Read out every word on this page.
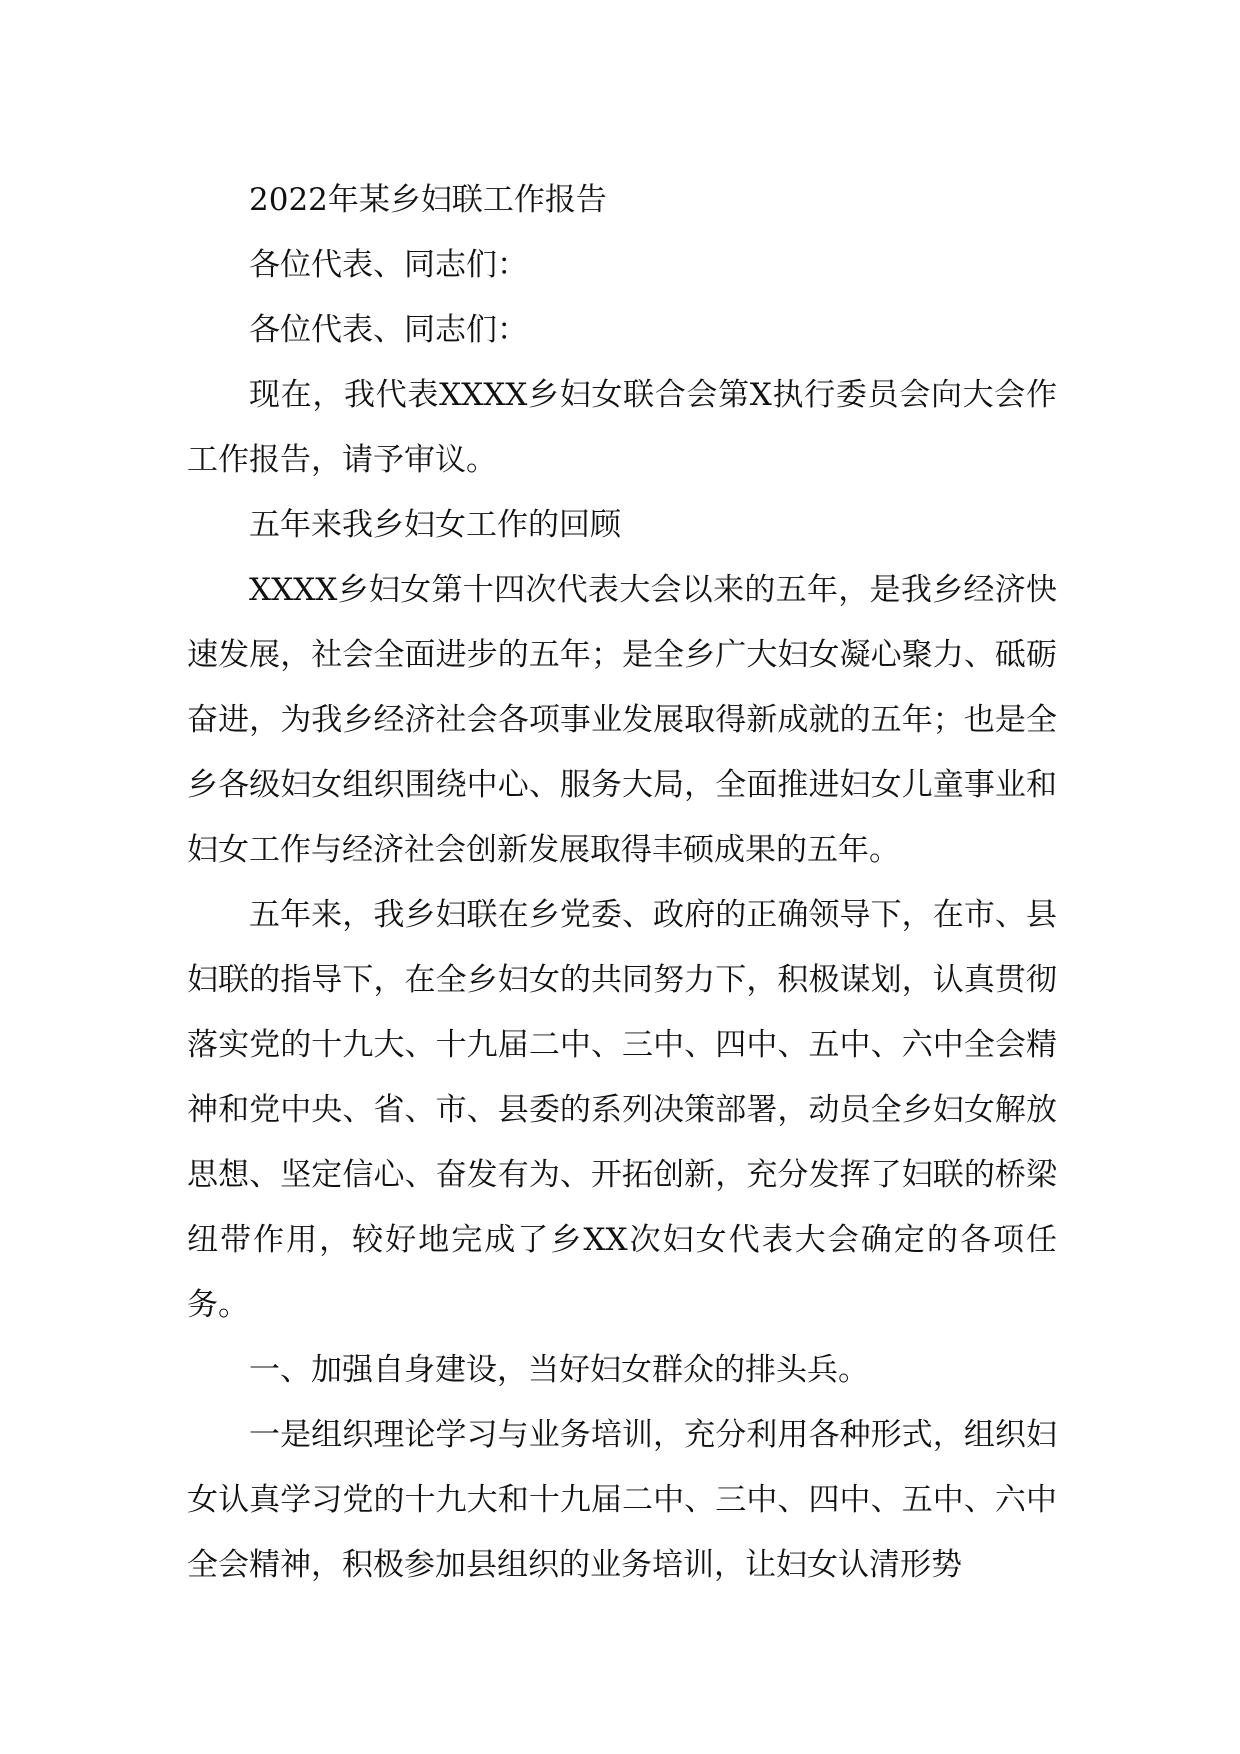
2022年某乡妇联工作报告

各位代表、同志们：

各位代表、同志们：

现在，我代表XXXX乡妇女联合会第X执行委员会向大会作工作报告，请予审议。

五年来我乡妇女工作的回顾

XXXX乡妇女第十四次代表大会以来的五年，是我乡经济快速发展，社会全面进步的五年；是全乡广大妇女凝心聚力、砥砺奋进，为我乡经济社会各项事业发展取得新成就的五年；也是全乡各级妇女组织围绕中心、服务大局，全面推进妇女儿童事业和妇女工作与经济社会创新发展取得丰硕成果的五年。

五年来，我乡妇联在乡党委、政府的正确领导下，在市、县妇联的指导下，在全乡妇女的共同努力下，积极谋划，认真贯彻落实党的十九大、十九届二中、三中、四中、五中、六中全会精神和党中央、省、市、县委的系列决策部署，动员全乡妇女解放思想、坚定信心、奋发有为、开拓创新，充分发挥了妇联的桥梁纽带作用，较好地完成了乡XX次妇女代表大会确定的各项任务。

一、加强自身建设，当好妇女群众的排头兵。

一是组织理论学习与业务培训，充分利用各种形式，组织妇女认真学习党的十九大和十九届二中、三中、四中、五中、六中全会精神，积极参加县组织的业务培训，让妇女认清形势
